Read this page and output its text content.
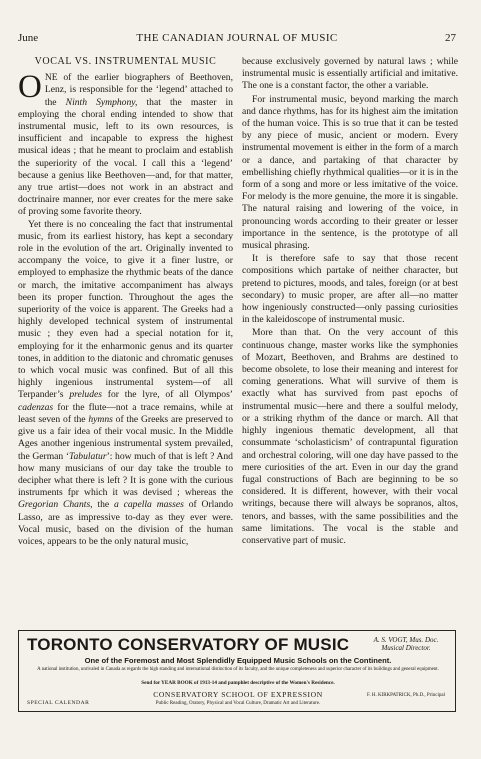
June	THE CANADIAN JOURNAL OF MUSIC	27
VOCAL VS. INSTRUMENTAL MUSIC

ONE of the earlier biographers of Beethoven, Lenz, is responsible for the ‘legend’ attached to the Ninth Symphony, that the master in employing the choral ending intended to show that instrumental music, left to its own resources, is insufficient and incapable to express the highest musical ideas ; that he meant to proclaim and establish the superiority of the vocal. I call this a ‘legend’ because a genius like Beethoven—and, for that matter, any true artist—does not work in an abstract and doctrinaire manner, nor ever creates for the mere sake of proving some favorite theory.

Yet there is no concealing the fact that instrumental music, from its earliest history, has kept a secondary role in the evolution of the art. Originally invented to accompany the voice, to give it a finer lustre, or employed to emphasize the rhythmic beats of the dance or march, the imitative accompaniment has always been its proper function. Throughout the ages the superiority of the voice is apparent. The Greeks had a highly developed technical system of instrumental music ; they even had a special notation for it, employing for it the enharmonic genus and its quarter tones, in addition to the diatonic and chromatic genuses to which vocal music was confined. But of all this highly ingenious instrumental system—of all Terpander’s preludes for the lyre, of all Olympos’ cadenzas for the flute—not a trace remains, while at least seven of the hymns of the Greeks are preserved to give us a fair idea of their vocal music. In the Middle Ages another ingenious instrumental system prevailed, the German ‘Tabulatur’: how much of that is left ? And how many musicians of our day take the trouble to decipher what there is left ? It is gone with the curious instruments fpr which it was devised ; whereas the Gregorian Chants, the a capella masses of Orlando Lasso, are as impressive to-day as they ever were. Vocal music, based on the division of the human voices, appears to be the only natural music,

because exclusively governed by natural laws ; while instrumental music is essentially artificial and imitative. The one is a constant factor, the other a variable.

For instrumental music, beyond marking the march and dance rhythms, has for its highest aim the imitation of the human voice. This is so true that it can be tested by any piece of music, ancient or modern. Every instrumental movement is either in the form of a march or a dance, and partaking of that character by embellishing chiefly rhythmical qualities—or it is in the form of a song and more or less imitative of the voice. For melody is the more genuine, the more it is singable. The natural raising and lowering of the voice, in pronouncing words according to their greater or lesser importance in the sentence, is the prototype of all musical phrasing.

It is therefore safe to say that those recent compositions which partake of neither character, but pretend to pictures, moods, and tales, foreign (or at best secondary) to music proper, are after all—no matter how ingeniously constructed—only passing curiosities in the kaleidoscope of instrumental music.

More than that. On the very account of this continuous change, master works like the symphonies of Mozart, Beethoven, and Brahms are destined to become obsolete, to lose their meaning and interest for coming generations. What will survive of them is exactly what has survived from past epochs of instrumental music—here and there a soulful melody, or a striking rhythm of the dance or march. All that highly ingenious thematic development, all that consummate ‘scholasticism’ of contrapuntal figuration and orchestral coloring, will one day have passed to the mere curiosities of the art. Even in our day the grand fugal constructions of Bach are beginning to be so considered. It is different, however, with their vocal writings, because there will always be sopranos, altos, tenors, and basses, with the same possibilities and the same limitations. The vocal is the stable and conservative part of music.

TORONTO CONSERVATORY OF MUSIC	A. S. VOGT, Mus. Doc.
Musical Director.
One of the Foremost and Most Splendidly Equipped Music Schools on the Continent.
A national institution, unrivaled in Canada as regards the high standing and international distinction of its faculty, and the unique completeness and superior character of its buildings and general equipment.
Send for YEAR BOOK of 1913-14 and pamphlet descriptive of the Women's Residence.
CONSERVATORY SCHOOL OF EXPRESSION
SPECIAL CALENDAR
F. H. KIRKPATRICK, Ph.D., Principal
Public Reading, Oratory, Physical and Vocal Culture, Dramatic Art and Literature.
